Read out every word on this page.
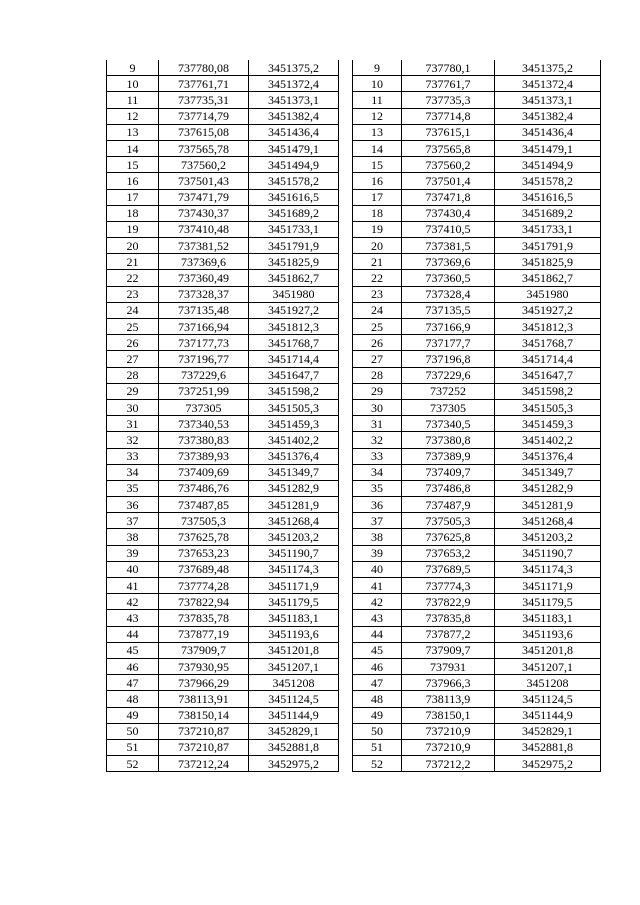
9	737780,08	3451375,2
10	737761,71	3451372,4
11	737735,31	3451373,1
12	737714,79	3451382,4
13	737615,08	3451436,4
14	737565,78	3451479,1
15	737560,2	3451494,9
16	737501,43	3451578,2
17	737471,79	3451616,5
18	737430,37	3451689,2
19	737410,48	3451733,1
20	737381,52	3451791,9
21	737369,6	3451825,9
22	737360,49	3451862,7
23	737328,37	3451980
24	737135,48	3451927,2
25	737166,94	3451812,3
26	737177,73	3451768,7
27	737196,77	3451714,4
28	737229,6	3451647,7
29	737251,99	3451598,2
30	737305	3451505,3
31	737340,53	3451459,3
32	737380,83	3451402,2
33	737389,93	3451376,4
34	737409,69	3451349,7
35	737486,76	3451282,9
36	737487,85	3451281,9
37	737505,3	3451268,4
38	737625,78	3451203,2
39	737653,23	3451190,7
40	737689,48	3451174,3
41	737774,28	3451171,9
42	737822,94	3451179,5
43	737835,78	3451183,1
44	737877,19	3451193,6
45	737909,7	3451201,8
46	737930,95	3451207,1
47	737966,29	3451208
48	738113,91	3451124,5
49	738150,14	3451144,9
50	737210,87	3452829,1
51	737210,87	3452881,8
52	737212,24	3452975,2
9	737780,1	3451375,2
10	737761,7	3451372,4
11	737735,3	3451373,1
12	737714,8	3451382,4
13	737615,1	3451436,4
14	737565,8	3451479,1
15	737560,2	3451494,9
16	737501,4	3451578,2
17	737471,8	3451616,5
18	737430,4	3451689,2
19	737410,5	3451733,1
20	737381,5	3451791,9
21	737369,6	3451825,9
22	737360,5	3451862,7
23	737328,4	3451980
24	737135,5	3451927,2
25	737166,9	3451812,3
26	737177,7	3451768,7
27	737196,8	3451714,4
28	737229,6	3451647,7
29	737252	3451598,2
30	737305	3451505,3
31	737340,5	3451459,3
32	737380,8	3451402,2
33	737389,9	3451376,4
34	737409,7	3451349,7
35	737486,8	3451282,9
36	737487,9	3451281,9
37	737505,3	3451268,4
38	737625,8	3451203,2
39	737653,2	3451190,7
40	737689,5	3451174,3
41	737774,3	3451171,9
42	737822,9	3451179,5
43	737835,8	3451183,1
44	737877,2	3451193,6
45	737909,7	3451201,8
46	737931	3451207,1
47	737966,3	3451208
48	738113,9	3451124,5
49	738150,1	3451144,9
50	737210,9	3452829,1
51	737210,9	3452881,8
52	737212,2	3452975,2
